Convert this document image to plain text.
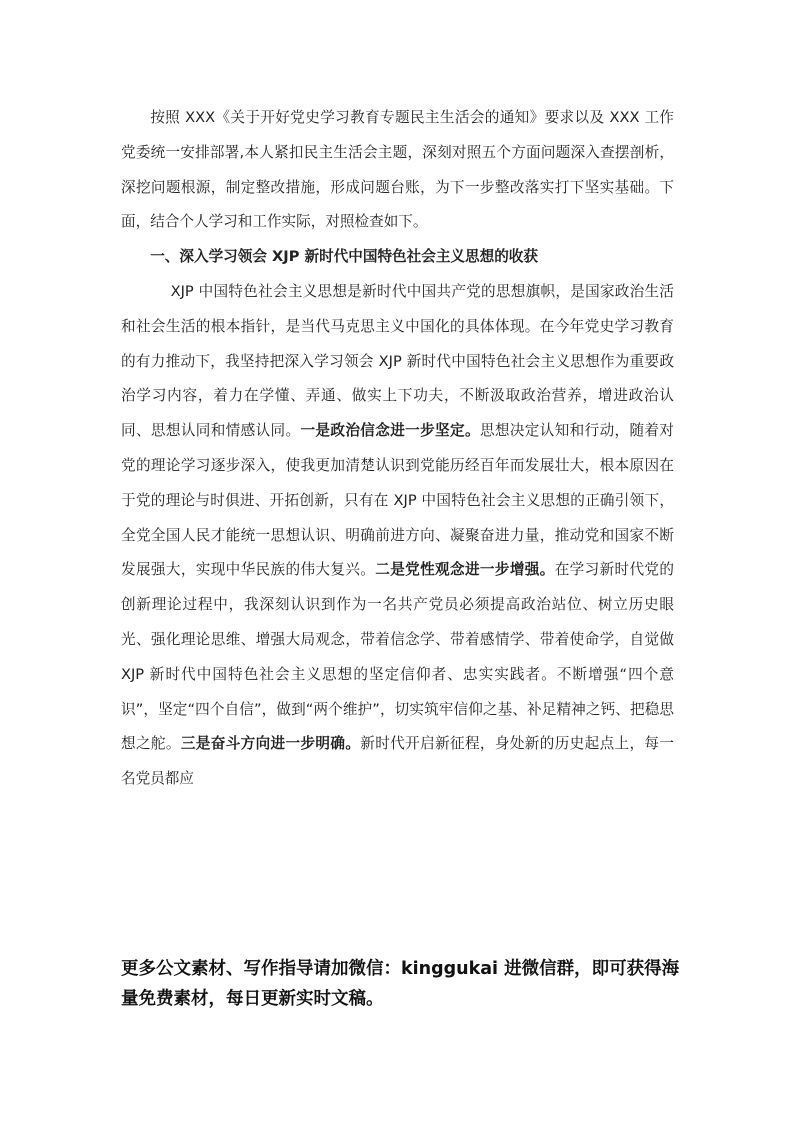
按照 XXX《关于开好党史学习教育专题民主生活会的通知》要求以及 XXX 工作党委统一安排部署,本人紧扣民主生活会主题，深刻对照五个方面问题深入查摆剖析，深挖问题根源，制定整改措施，形成问题台账，为下一步整改落实打下坚实基础。下面，结合个人学习和工作实际，对照检查如下。

一、深入学习领会 XJP 新时代中国特色社会主义思想的收获

XJP 中国特色社会主义思想是新时代中国共产党的思想旗帜，是国家政治生活和社会生活的根本指针，是当代马克思主义中国化的具体体现。在今年党史学习教育的有力推动下，我坚持把深入学习领会 XJP 新时代中国特色社会主义思想作为重要政治学习内容，着力在学懂、弄通、做实上下功夫，不断汲取政治营养，增进政治认同、思想认同和情感认同。一是政治信念进一步坚定。思想决定认知和行动，随着对党的理论学习逐步深入，使我更加清楚认识到党能历经百年而发展壮大，根本原因在于党的理论与时俱进、开拓创新，只有在 XJP 中国特色社会主义思想的正确引领下，全党全国人民才能统一思想认识、明确前进方向、凝聚奋进力量，推动党和国家不断发展强大，实现中华民族的伟大复兴。二是党性观念进一步增强。在学习新时代党的创新理论过程中，我深刻认识到作为一名共产党员必须提高政治站位、树立历史眼光、强化理论思维、增强大局观念，带着信念学、带着感情学、带着使命学，自觉做 XJP 新时代中国特色社会主义思想的坚定信仰者、忠实实践者。不断增强“四个意识”，坚定“四个自信”，做到“两个维护”，切实筑牢信仰之基、补足精神之钙、把稳思想之舵。三是奋斗方向进一步明确。新时代开启新征程，身处新的历史起点上，每一名党员都应

更多公文素材、写作指导请加微信：kinggukai 进微信群，即可获得海量免费素材，每日更新实时文稿。
